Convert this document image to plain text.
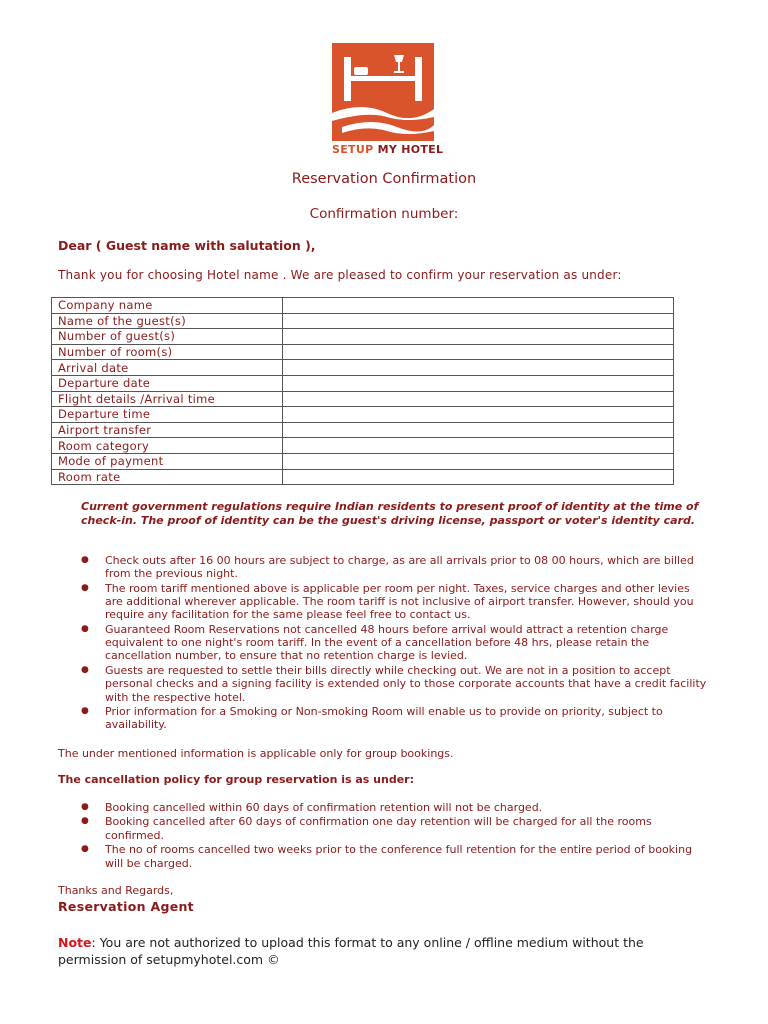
SETUP MY HOTEL
Reservation Confirmation
Confirmation number:
Dear ( Guest name with salutation ),
Thank you for choosing Hotel name . We are pleased to confirm your reservation as under:
Company name	
Name of the guest(s)	
Number of guest(s)	
Number of room(s)	
Arrival date	
Departure date	
Flight details /Arrival time	
Departure time	
Airport transfer	
Room category	
Mode of payment	
Room rate	
Current government regulations require Indian residents to present proof of identity at the time of check-in. The proof of identity can be the guest's driving license, passport or voter's identity card.
● Check outs after 16 00 hours are subject to charge, as are all arrivals prior to 08 00 hours, which are billed from the previous night.
● The room tariff mentioned above is applicable per room per night. Taxes, service charges and other levies are additional wherever applicable. The room tariff is not inclusive of airport transfer. However, should you require any facilitation for the same please feel free to contact us.
● Guaranteed Room Reservations not cancelled 48 hours before arrival would attract a retention charge equivalent to one night's room tariff. In the event of a cancellation before 48 hrs, please retain the cancellation number, to ensure that no retention charge is levied.
● Guests are requested to settle their bills directly while checking out. We are not in a position to accept personal checks and a signing facility is extended only to those corporate accounts that have a credit facility with the respective hotel.
● Prior information for a Smoking or Non-smoking Room will enable us to provide on priority, subject to availability.
The under mentioned information is applicable only for group bookings.
The cancellation policy for group reservation is as under:
● Booking cancelled within 60 days of confirmation retention will not be charged.
● Booking cancelled after 60 days of confirmation one day retention will be charged for all the rooms confirmed.
● The no of rooms cancelled two weeks prior to the conference full retention for the entire period of booking will be charged.
Thanks and Regards,
Reservation Agent
Note: You are not authorized to upload this format to any online / offline medium without the permission of setupmyhotel.com ©
